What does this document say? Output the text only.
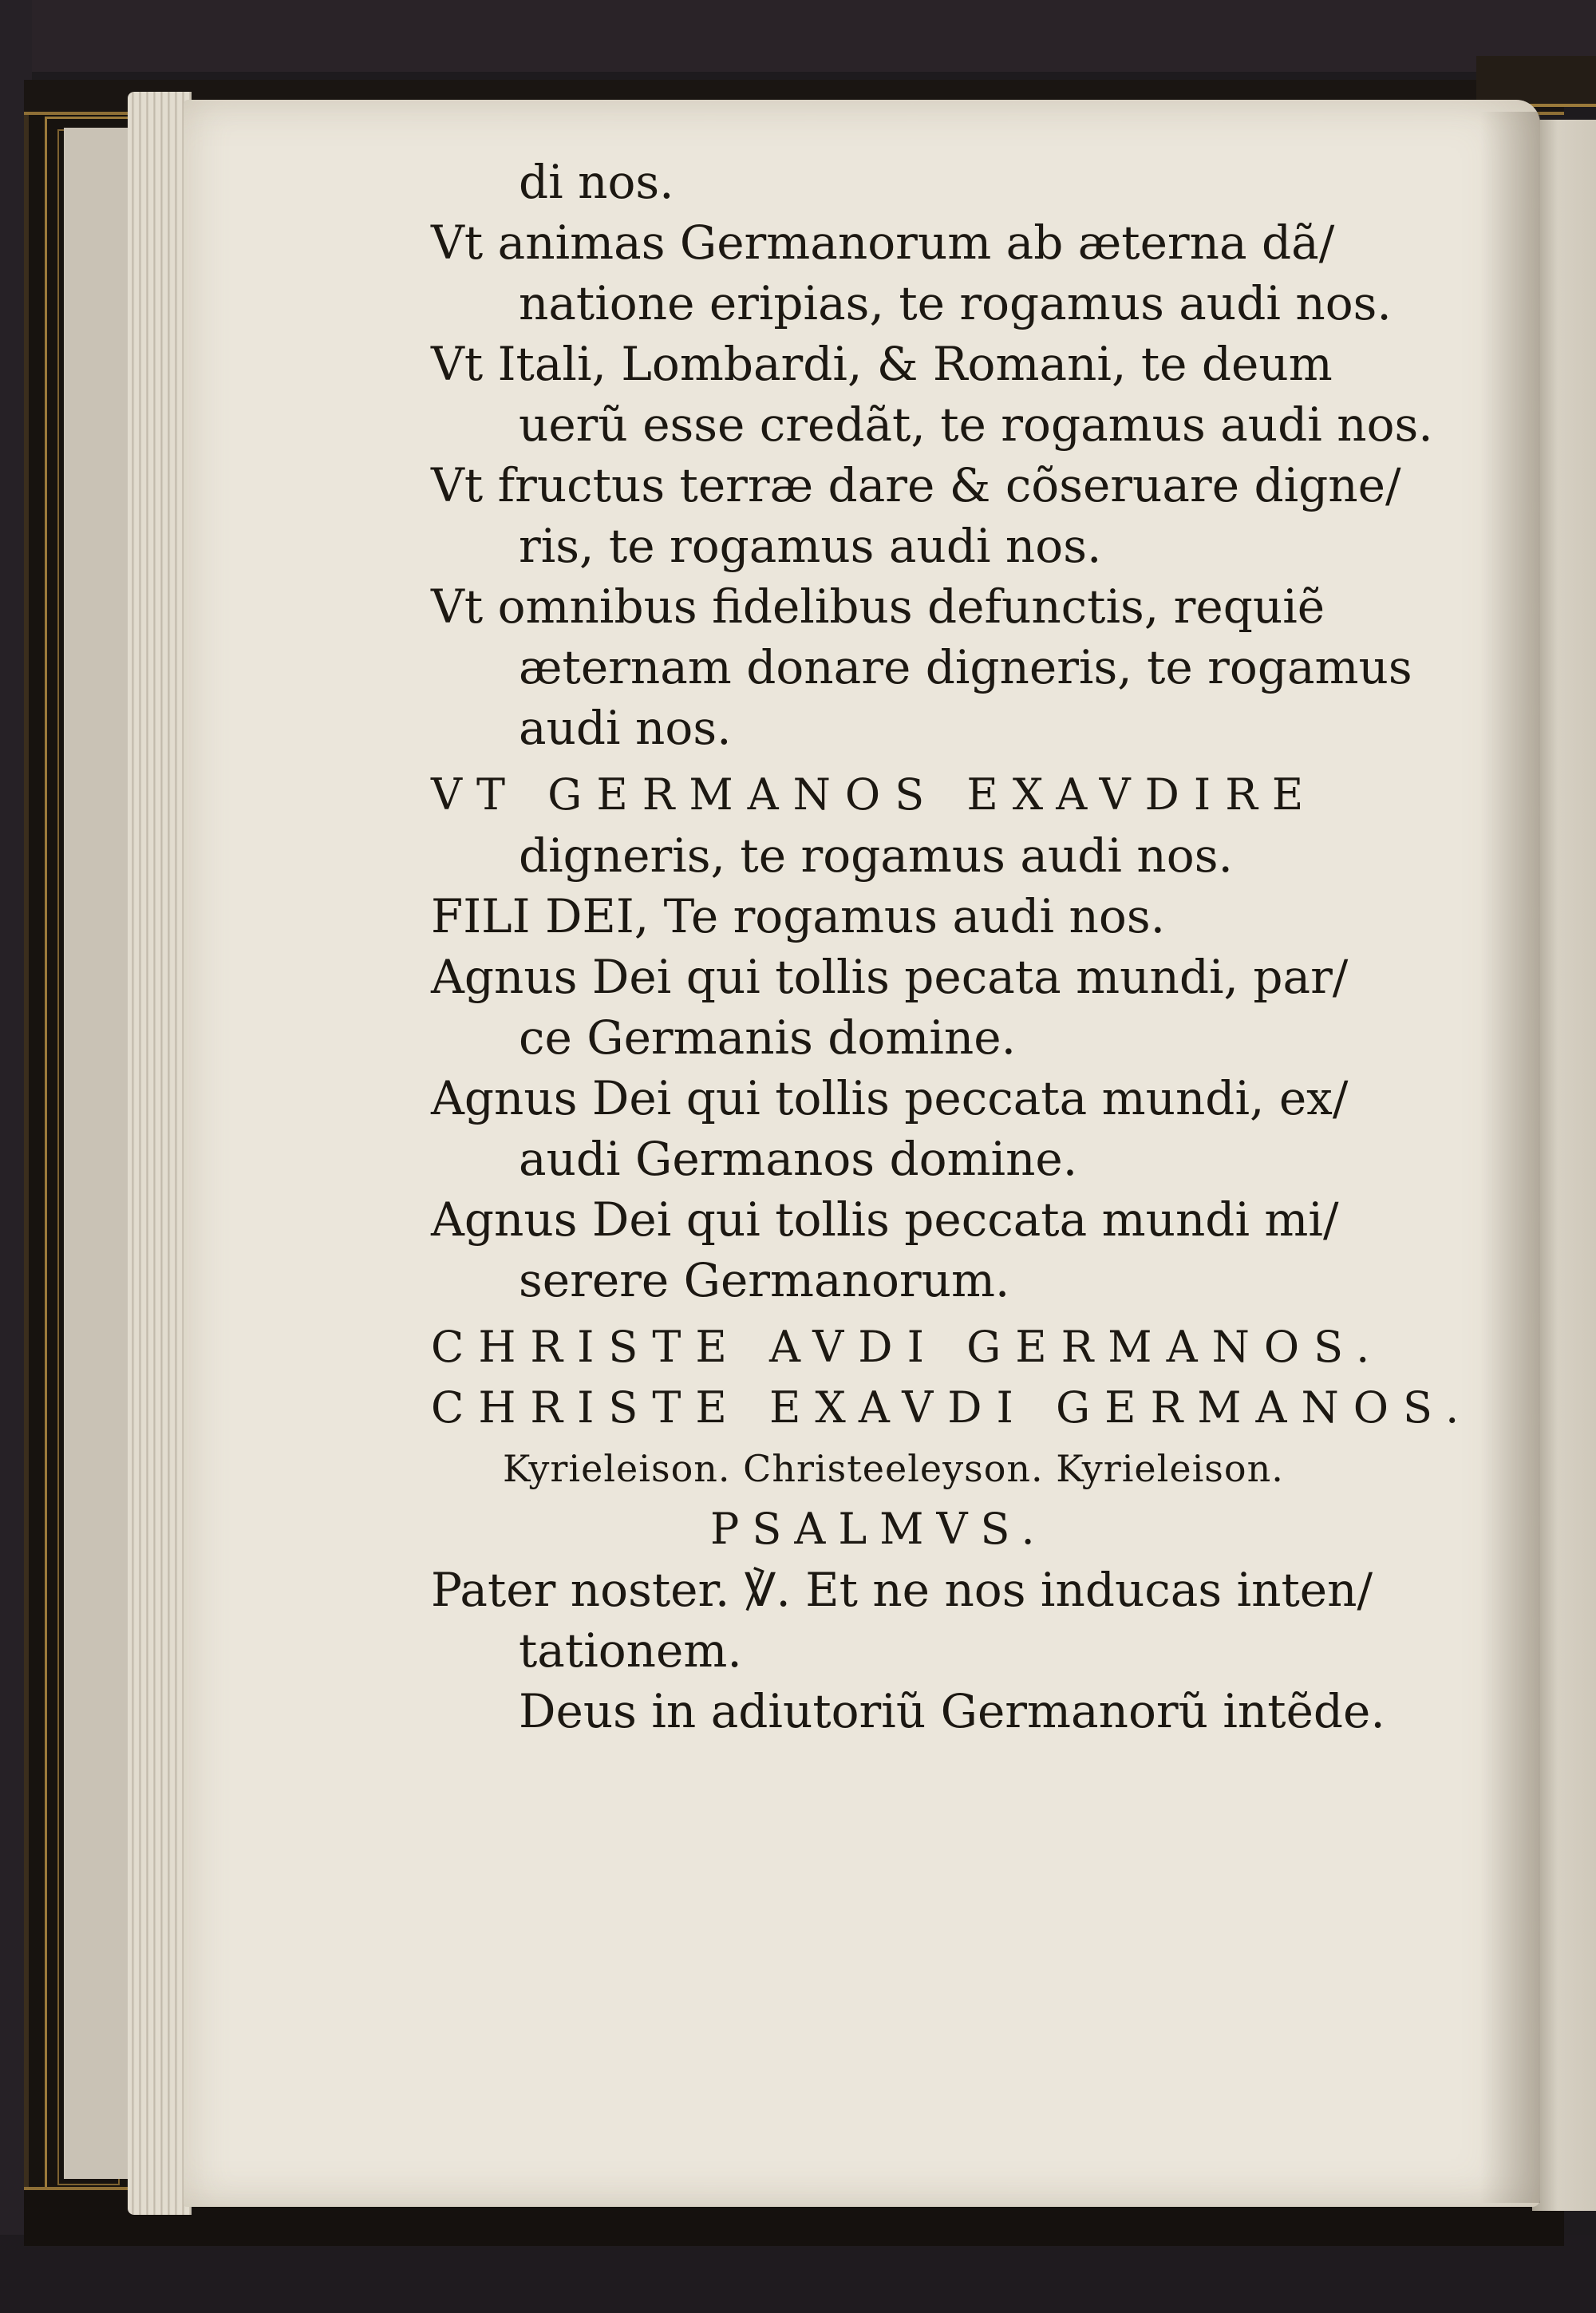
di nos.
Vt animas Germanorum ab æterna dã/
natione eripias, te rogamus audi nos.
Vt Itali, Lombardi, & Romani, te deum
uerũ esse credãt, te rogamus audi nos.
Vt fructus terræ dare & cõseruare digne/
ris, te rogamus audi nos.
Vt omnibus fidelibus defunctis, requiẽ
æternam donare digneris, te rogamus
audi nos.
VT GERMANOS EXAVDIRE
digneris, te rogamus audi nos.
FILI DEI, Te rogamus audi nos.
Agnus Dei qui tollis pecata mundi, par/
ce Germanis domine.
Agnus Dei qui tollis peccata mundi, ex/
audi Germanos domine.
Agnus Dei qui tollis peccata mundi mi/
serere Germanorum.
CHRISTE AVDI GERMANOS.
CHRISTE EXAVDI GERMANOS.
Kyrieleison. Christeeleyson. Kyrieleison.
PSALMVS.
Pater noster. ℣. Et ne nos inducas inten/
tationem.
Deus in adiutoriũ Germanorũ intẽde.
